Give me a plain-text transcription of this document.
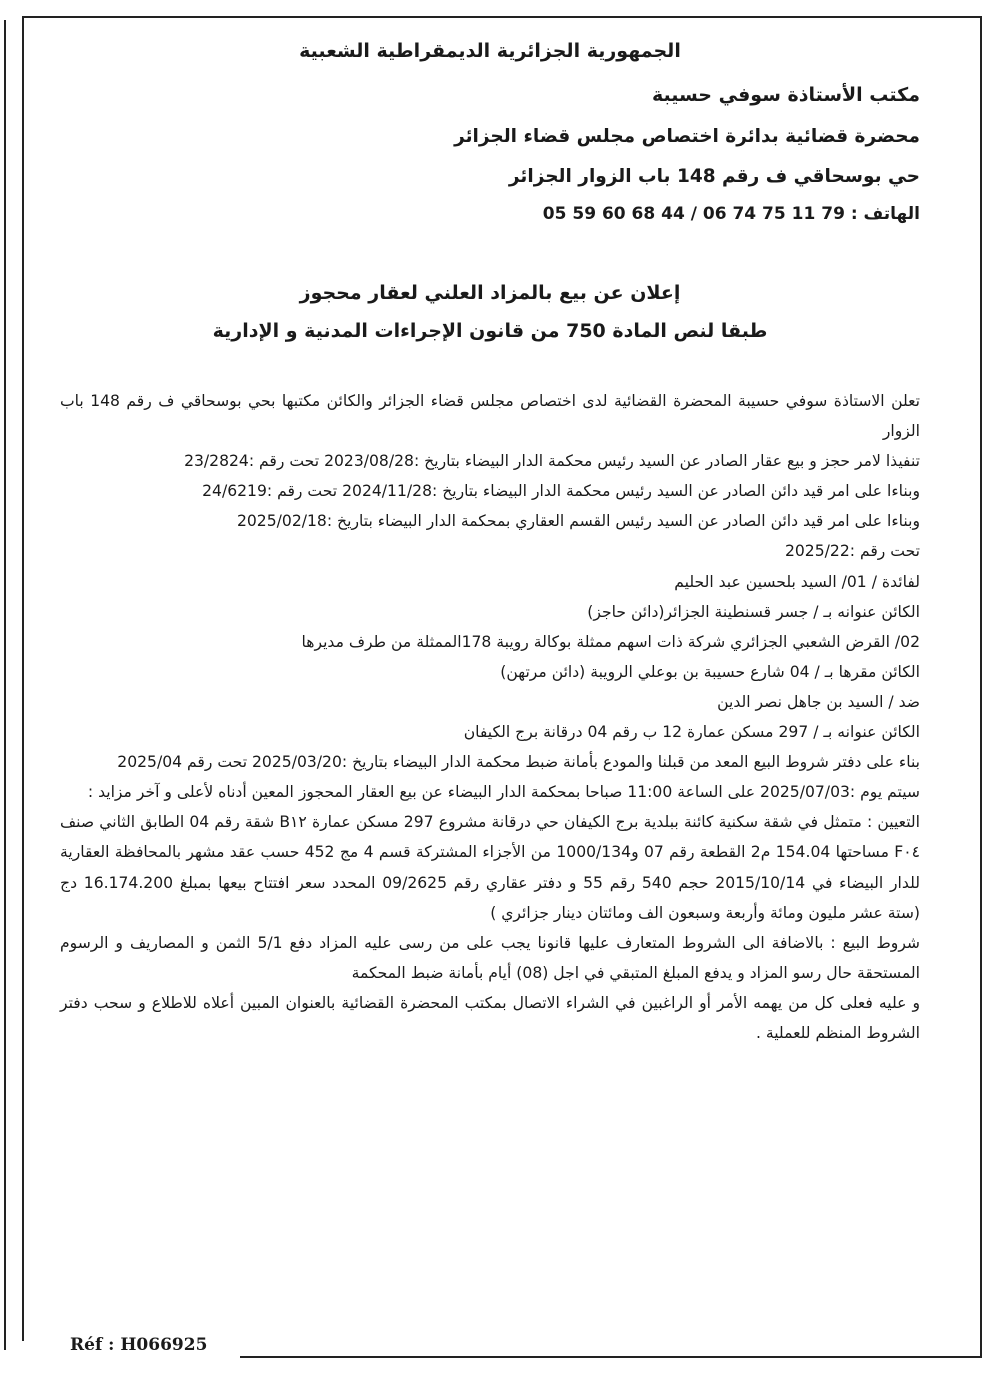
الجمهورية الجزائرية الديمقراطية الشعبية
مكتب الأستاذة سوفي حسيبة
محضرة قضائية بدائرة اختصاص مجلس قضاء الجزائر
حي بوسحاقي ف رقم 148 باب الزوار الجزائر
الهاتف : 79 11 75 74 06 / 44 68 60 59 05
إعلان عن بيع بالمزاد العلني لعقار محجوز
طبقا لنص المادة 750 من قانون الإجراءات المدنية و الإدارية

تعلن الاستاذة سوفي حسيبة المحضرة القضائية لدى اختصاص مجلس قضاء الجزائر والكائن مكتبها بحي بوسحاقي ف رقم 148 باب الزوار

تنفيذا لامر حجز و بيع عقار الصادر عن السيد رئيس محكمة الدار البيضاء بتاريخ :2023/08/28 تحت رقم :23/2824

وبناءا على امر قيد دائن الصادر عن السيد رئيس محكمة الدار البيضاء بتاريخ :2024/11/28 تحت رقم :24/6219

وبناءا على امر قيد دائن الصادر عن السيد رئيس القسم العقاري بمحكمة الدار البيضاء بتاريخ :2025/02/18

تحت رقم :2025/22

لفائدة / 01/ السيد بلحسين عبد الحليم

الكائن عنوانه بـ / جسر قسنطينة الجزائر(دائن حاجز)

02/ القرض الشعبي الجزائري شركة ذات اسهم ممثلة بوكالة رويبة 178الممثلة من طرف مديرها

الكائن مقرها بـ / 04 شارع حسيبة بن بوعلي الرويبة (دائن مرتهن)

ضد / السيد بن جاهل نصر الدين

الكائن عنوانه بـ / 297 مسكن عمارة 12 ب رقم 04 درقانة برج الكيفان

بناء على دفتر شروط البيع المعد من قبلنا والمودع بأمانة ضبط محكمة الدار البيضاء بتاريخ :2025/03/20 تحت رقم 2025/04

سيتم يوم :2025/07/03 على الساعة 11:00 صباحا بمحكمة الدار البيضاء عن بيع العقار المحجوز المعين أدناه لأعلى و آخر مزايد :

التعيين : متمثل في شقة سكنية كائنة ببلدية برج الكيفان حي درقانة مشروع 297 مسكن عمارة B١٢ شقة رقم 04 الطابق الثاني صنف F٠٤ مساحتها 154.04 م2 القطعة رقم 07 و1000/134 من الأجزاء المشتركة قسم 4 مج 452 حسب عقد مشهر بالمحافظة العقارية للدار البيضاء في 2015/10/14 حجم 540 رقم 55 و دفتر عقاري رقم 09/2625 المحدد سعر افتتاح بيعها بمبلغ 16.174.200 دج (ستة عشر مليون ومائة وأربعة وسبعون الف ومائتان دينار جزائري )

شروط البيع : بالاضافة الى الشروط المتعارف عليها قانونا يجب على من رسى عليه المزاد دفع 5/1 الثمن و المصاريف و الرسوم المستحقة حال رسو المزاد و يدفع المبلغ المتبقي في اجل (08) أيام بأمانة ضبط المحكمة

و عليه فعلى كل من يهمه الأمر أو الراغبين في الشراء الاتصال بمكتب المحضرة القضائية بالعنوان المبين أعلاه للاطلاع و سحب دفتر الشروط المنظم للعملية .

Réf : H066925
